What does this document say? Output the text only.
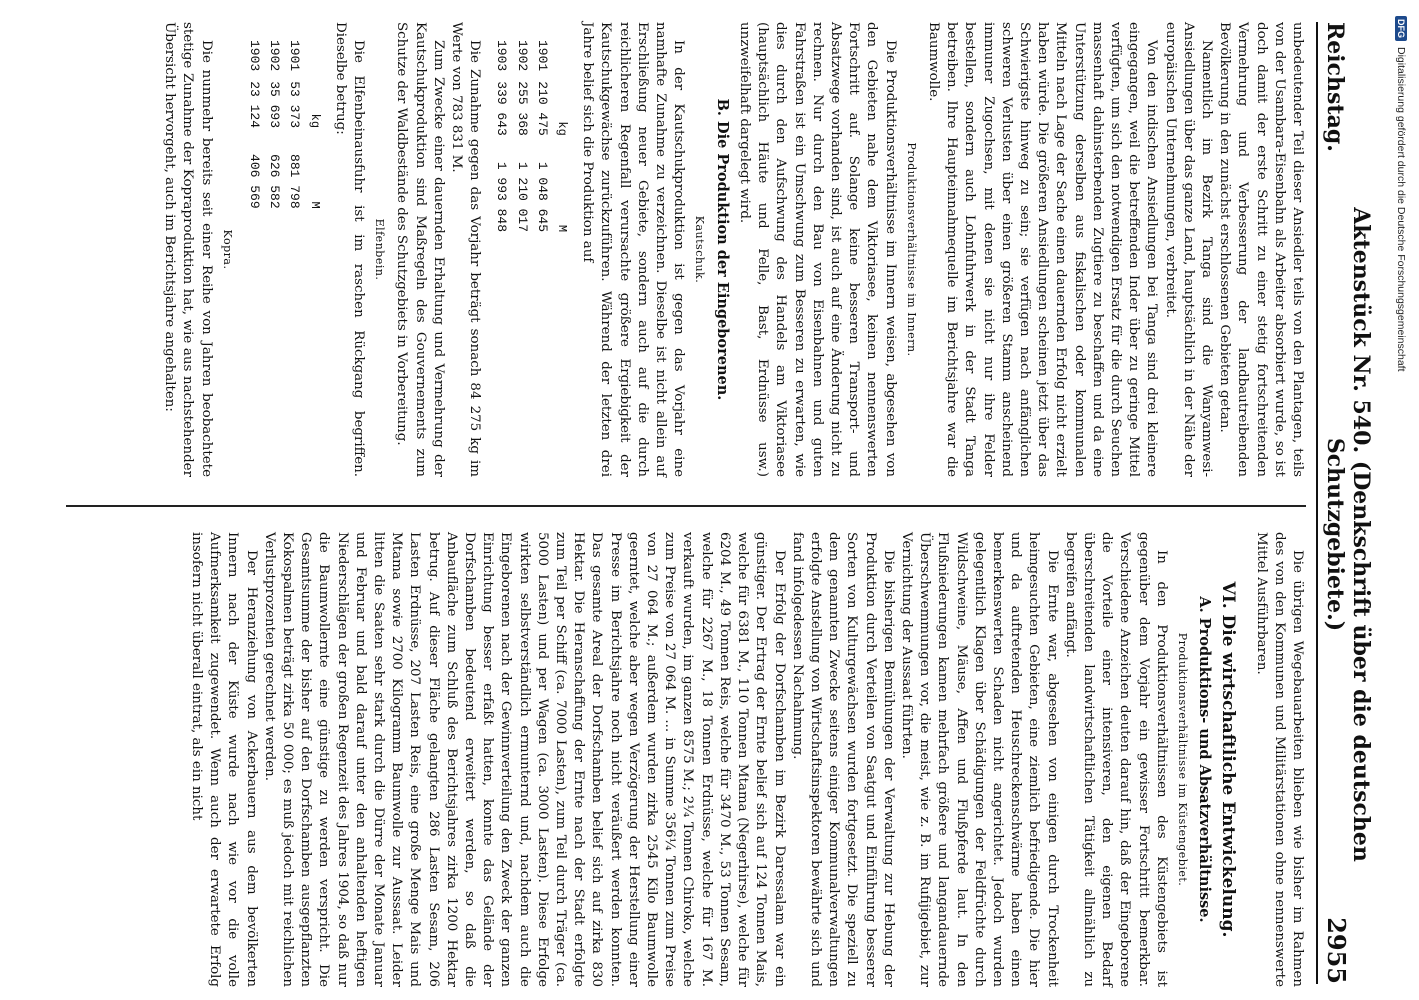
Reichstag.
Aktenstück Nr. 540. (Denkschrift über die deutschen Schutzgebiete.)
2955

Die übrigen Wegebauarbeiten blieben wie bisher im Rahmen des von den Kommunen und Militärstationen ohne nennenswerte Mittel Ausführbaren.

VI. Die wirtschaftliche Entwickelung.
A. Produktions- und Absatzverhältnisse.
Produktionsverhältnisse im Küstengebiet.

In den Produktionsverhältnissen des Küstengebiets ist gegenüber dem Vorjahr ein gewisser Fortschritt bemerkbar. Verschiedene Anzeichen deuten darauf hin, daß der Eingeborene die Vorteile einer intensiveren, den eigenen Bedarf überschreitenden landwirtschaftlichen Tätigkeit allmählich zu begreifen anfängt.

Die Ernte war, abgesehen von einigen durch Trockenheit heimgesuchten Gebieten, eine ziemlich befriedigende. Die hier und da auftretenden Heuschreckenschwärme haben einen bemerkenswerten Schaden nicht angerichtet. Jedoch wurden gelegentlich Klagen über Schädigungen der Feldfrüchte durch Wildschweine, Mäuse, Affen und Flußpferde laut. In den Flußniederungen kamen mehrfach größere und langandauernde Überschwemmungen vor, die meist, wie z. B. im Rufijigebiet, zur Vernichtung der Aussaat führten.

Die bisherigen Bemühungen der Verwaltung zur Hebung der Produktion durch Verteilen von Saatgut und Einführung besserer Sorten von Kulturgewächsen wurden fortgesetzt. Die speziell zu dem genannten Zwecke seitens einiger Kommunalverwaltungen erfolgte Anstellung von Wirtschaftsinspektoren bewährte sich und fand infolgedessen Nachahmung.

Der Erfolg der Dorfschamben im Bezirk Daressalam war ein günstiger. Der Ertrag der Ernte belief sich auf 124 Tonnen Mais, welche für 6381 M., 110 Tonnen Mtama (Negerhirse), welche für 6204 M., 49 Tonnen Reis, welche für 3470 M., 53 Tonnen Sesam, welche für 2267 M., 18 Tonnen Erdnüsse, welche für 167 M. verkauft wurden, im ganzen 8575 M.; 2¼ Tonnen Chiroko, welche zum Preise von 27 064 M. ... in Summe 356¼ Tonnen zum Preise von 27 064 M.; außerdem wurden zirka 2545 Kilo Baumwolle geerntet, welche aber wegen Verzögerung der Herstellung einer Presse im Berichtsjahre noch nicht veräußert werden konnten. Das gesamte Areal der Dorfschamben belief sich auf zirka 830 Hektar. Die Heranschaffung der Ernte nach der Stadt erfolgte zum Teil per Schiff (ca. 7000 Lasten), zum Teil durch Träger (ca. 5000 Lasten) und per Wagen (ca. 3000 Lasten). Diese Erfolge wirkten selbstverständlich ermunternd und, nachdem auch die Eingeborenen nach der Gewinnverteilung den Zweck der ganzen Einrichtung besser erfaßt hatten, konnte das Gelände der Dorfschamben bedeutend erweitert werden, so daß die Anbaufläche zum Schluß des Berichtsjahres zirka 1200 Hektar betrug. Auf dieser Fläche gelangten 286 Lasten Sesam, 206 Lasten Erdnüsse, 207 Lasten Reis, eine große Menge Mais und Mtama sowie 2700 Kilogramm Baumwolle zur Aussaat. Leider litten die Saaten sehr stark durch die Dürre der Monate Januar und Februar und bald darauf unter den anhaltenden heftigen Niederschlägen der großen Regenzeit des Jahres 1904, so daß nur die Baumwollernte eine günstige zu werden verspricht. Die Gesamtsumme der bisher auf den Dorfschamben ausgepflanzten Kokospalmen beträgt zirka 50 000; es muß jedoch mit reichlichen Verlustprozenten gerechnet werden.

Der Heranziehung von Ackerbauern aus dem bevölkerten Innern nach der Küste wurde nach wie vor die volle Aufmerksamkeit zugewendet. Wenn auch der erwartete Erfolg insofern nicht überall eintrat, als ein nicht

unbedeutender Teil dieser Ansiedler teils von den Plantagen, teils von der Usambara-Eisenbahn als Arbeiter absorbiert wurde, so ist doch damit der erste Schritt zu einer stetig fortschreitenden Vermehrung und Verbesserung der landbautreibenden Bevölkerung in den zunächst erschlossenen Gebieten getan.

Namentlich im Bezirk Tanga sind die Wanyamwesi-Ansiedlungen über das ganze Land, hauptsächlich in der Nähe der europäischen Unternehmungen, verbreitet.

Von den indischen Ansiedlungen bei Tanga sind drei kleinere eingegangen, weil die betreffenden Inder über zu geringe Mittel verfügten, um sich den notwendigen Ersatz für die durch Seuchen massenhaft dahinsterbenden Zugtiere zu beschaffen und da eine Unterstützung derselben aus fiskalischen oder kommunalen Mitteln nach Lage der Sache einen dauernden Erfolg nicht erzielt haben würde. Die größeren Ansiedlungen scheinen jetzt über das Schwierigste hinweg zu sein; sie verfügen nach anfänglichen schweren Verlusten über einen größeren Stamm anscheinend immuner Zugochsen, mit denen sie nicht nur ihre Felder bestellen, sondern auch Lohnfuhrwerk in der Stadt Tanga betreiben. Ihre Haupteinnahmequelle im Berichtsjahre war die Baumwolle.

Produktionsverhältnisse im Innern.

Die Produktionsverhältnisse im Innern weisen, abgesehen von den Gebieten nahe dem Viktoriasee, keinen nennenswerten Fortschritt auf. Solange keine besseren Transport- und Absatzwege vorhanden sind, ist auch auf eine Änderung nicht zu rechnen. Nur durch den Bau von Eisenbahnen und guten Fahrstraßen ist ein Umschwung zum Besseren zu erwarten, wie dies durch den Aufschwung des Handels am Viktoriasee (hauptsächlich Häute und Felle, Bast, Erdnüsse usw.) unzweifelhaft dargelegt wird.

B. Die Produktion der Eingeborenen.
Kautschuk.

In der Kautschukproduktion ist gegen das Vorjahr eine namhafte Zunahme zu verzeichnen. Dieselbe ist nicht allein auf Erschließung neuer Gebiete, sondern auch auf die durch reichlicheren Regenfall verursachte größere Ergiebigkeit der Kautschukgewächse zurückzuführen. Während der letzten drei Jahre belief sich die Produktion auf

	kg	M
1901	210 475	1 048 645
1902	255 368	1 210 017
1903	339 643	1 993 848

Die Zunahme gegen das Vorjahr beträgt sonach 84 275 kg im Werte von 783 831 M.

Zum Zwecke einer dauernden Erhaltung und Vermehrung der Kautschukproduktion sind Maßregeln des Gouvernements zum Schutze der Waldbestände des Schutzgebiets in Vorbereitung.

Elfenbein.

Die Elfenbeinausfuhr ist im raschen Rückgang begriffen. Dieselbe betrug:

	kg	M
1901	53 373	881 798
1902	35 693	626 582
1903	23 124	406 569
Kopra.

Die nunmehr bereits seit einer Reihe von Jahren beobachtete stetige Zunahme der Kopraproduktion hat, wie aus nachstehender Übersicht hervorgeht, auch im Berichtsjahre angehalten:	DFG
Digitalisierung gefördert durch die Deutsche Forschungsgemeinschaft
